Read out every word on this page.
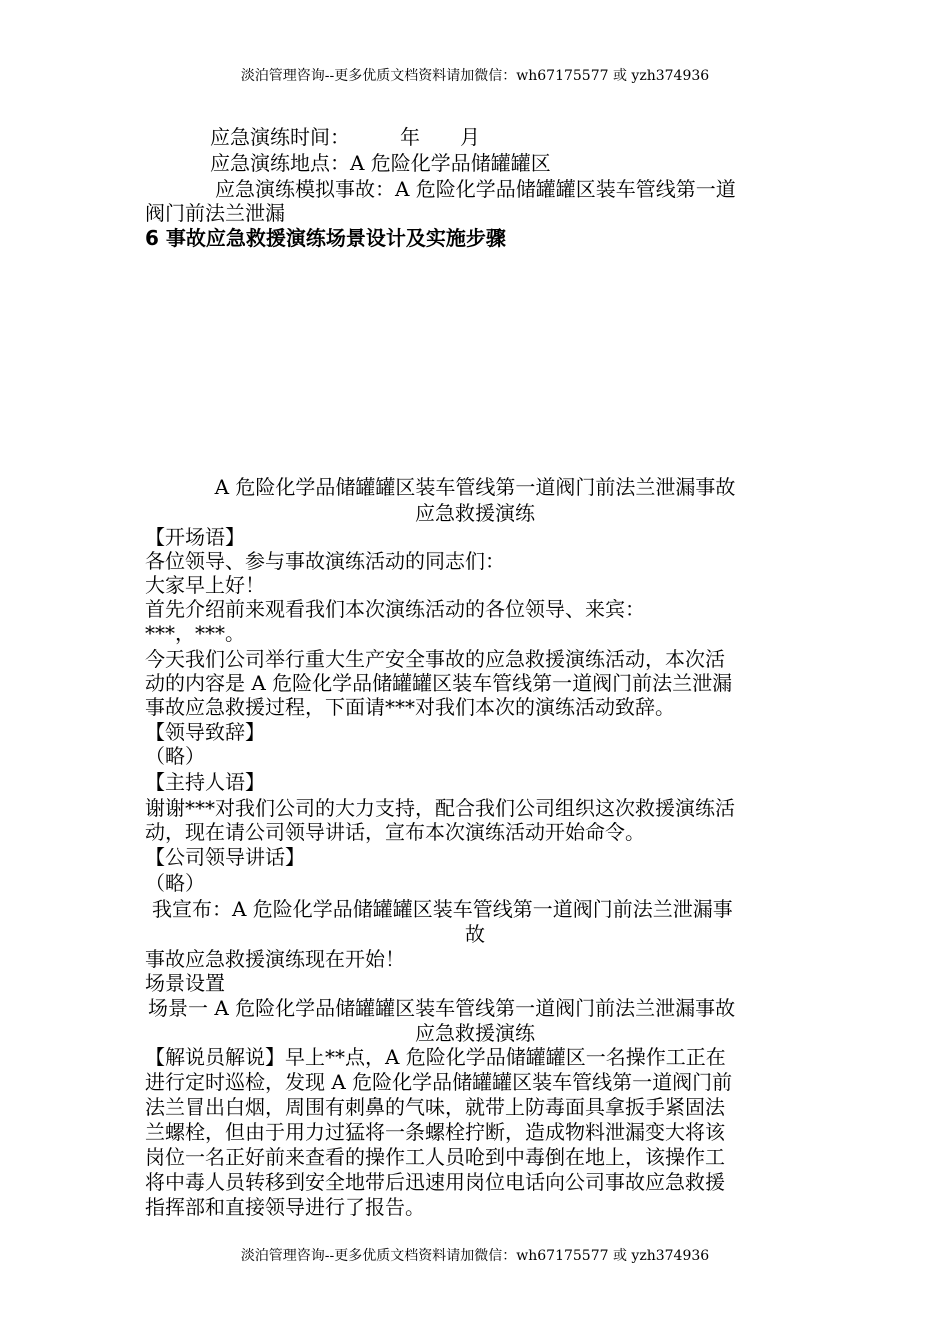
淡泊管理咨询--更多优质文档资料请加微信：wh67175577 或 yzh374936
应急演练时间：　　　年　　月
应急演练地点：A 危险化学品储罐罐区
应急演练模拟事故：A 危险化学品储罐罐区装车管线第一道
阀门前法兰泄漏
6 事故应急救援演练场景设计及实施步骤
A 危险化学品储罐罐区装车管线第一道阀门前法兰泄漏事故
应急救援演练
【开场语】
各位领导、参与事故演练活动的同志们：
大家早上好！
首先介绍前来观看我们本次演练活动的各位领导、来宾：
***，***。
今天我们公司举行重大生产安全事故的应急救援演练活动，本次活
动的内容是 A 危险化学品储罐罐区装车管线第一道阀门前法兰泄漏
事故应急救援过程，下面请***对我们本次的演练活动致辞。
【领导致辞】
（略）
【主持人语】
谢谢***对我们公司的大力支持，配合我们公司组织这次救援演练活
动，现在请公司领导讲话，宣布本次演练活动开始命令。
【公司领导讲话】
（略）
我宣布：A 危险化学品储罐罐区装车管线第一道阀门前法兰泄漏事
故
事故应急救援演练现在开始！
场景设置
场景一 A 危险化学品储罐罐区装车管线第一道阀门前法兰泄漏事故
应急救援演练
【解说员解说】早上**点，A 危险化学品储罐罐区一名操作工正在
进行定时巡检，发现 A 危险化学品储罐罐区装车管线第一道阀门前
法兰冒出白烟，周围有刺鼻的气味，就带上防毒面具拿扳手紧固法
兰螺栓，但由于用力过猛将一条螺栓拧断，造成物料泄漏变大将该
岗位一名正好前来查看的操作工人员呛到中毒倒在地上，该操作工
将中毒人员转移到安全地带后迅速用岗位电话向公司事故应急救援
指挥部和直接领导进行了报告。
淡泊管理咨询--更多优质文档资料请加微信：wh67175577 或 yzh374936
